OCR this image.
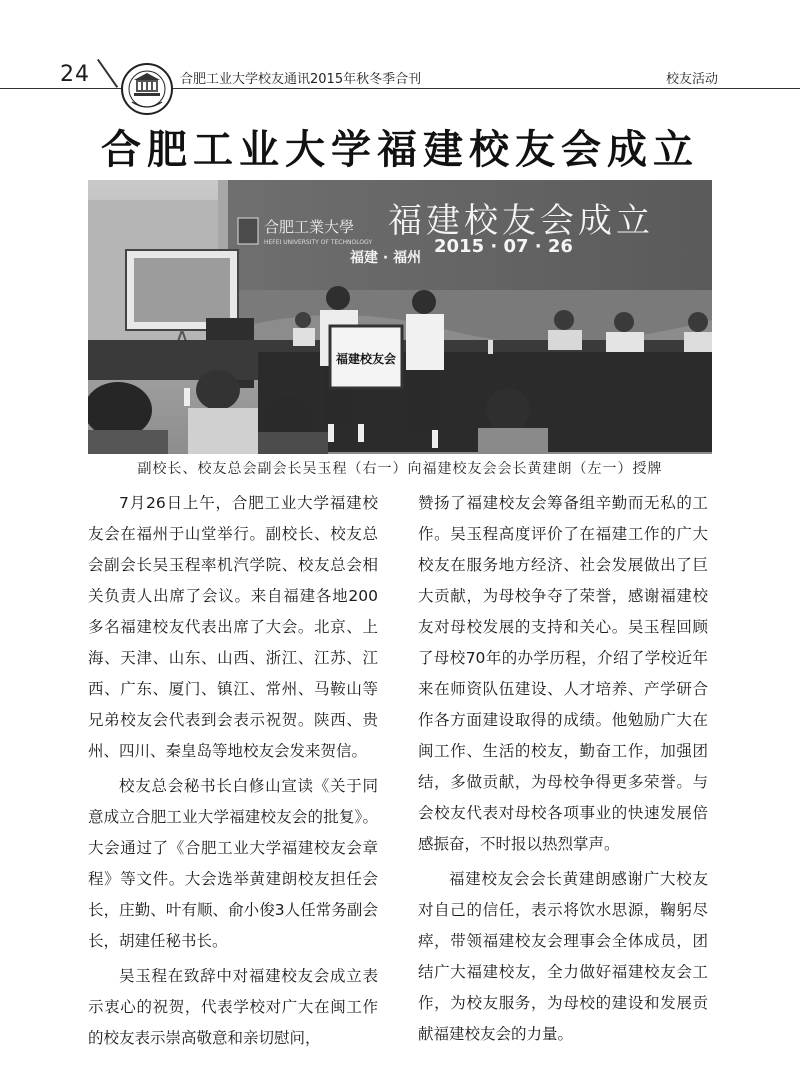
24	合肥工业大学校友通讯2015年秋冬季合刊	校友活动
合肥工业大学福建校友会成立
合肥工業大學
HEFEI UNIVERSITY OF TECHNOLOGY
福建校友会成立
福建 · 福州
2015 · 07 · 26
福建校友会
副校长、校友总会副会长吴玉程（右一）向福建校友会会长黄建朗（左一）授牌

7月26日上午，合肥工业大学福建校友会在福州于山堂举行。副校长、校友总会副会长吴玉程率机汽学院、校友总会相关负责人出席了会议。来自福建各地200多名福建校友代表出席了大会。北京、上海、天津、山东、山西、浙江、江苏、江西、广东、厦门、镇江、常州、马鞍山等兄弟校友会代表到会表示祝贺。陕西、贵州、四川、秦皇岛等地校友会发来贺信。

校友总会秘书长白修山宣读《关于同意成立合肥工业大学福建校友会的批复》。大会通过了《合肥工业大学福建校友会章程》等文件。大会选举黄建朗校友担任会长，庄勤、叶有顺、俞小俊3人任常务副会长，胡建任秘书长。

吴玉程在致辞中对福建校友会成立表示衷心的祝贺，代表学校对广大在闽工作的校友表示崇高敬意和亲切慰问，

赞扬了福建校友会筹备组辛勤而无私的工作。吴玉程高度评价了在福建工作的广大校友在服务地方经济、社会发展做出了巨大贡献，为母校争夺了荣誉，感谢福建校友对母校发展的支持和关心。吴玉程回顾了母校70年的办学历程，介绍了学校近年来在师资队伍建设、人才培养、产学研合作各方面建设取得的成绩。他勉励广大在闽工作、生活的校友，勤奋工作，加强团结，多做贡献，为母校争得更多荣誉。与会校友代表对母校各项事业的快速发展倍感振奋，不时报以热烈掌声。

福建校友会会长黄建朗感谢广大校友对自己的信任，表示将饮水思源，鞠躬尽瘁，带领福建校友会理事会全体成员，团结广大福建校友，全力做好福建校友会工作，为校友服务，为母校的建设和发展贡献福建校友会的力量。
